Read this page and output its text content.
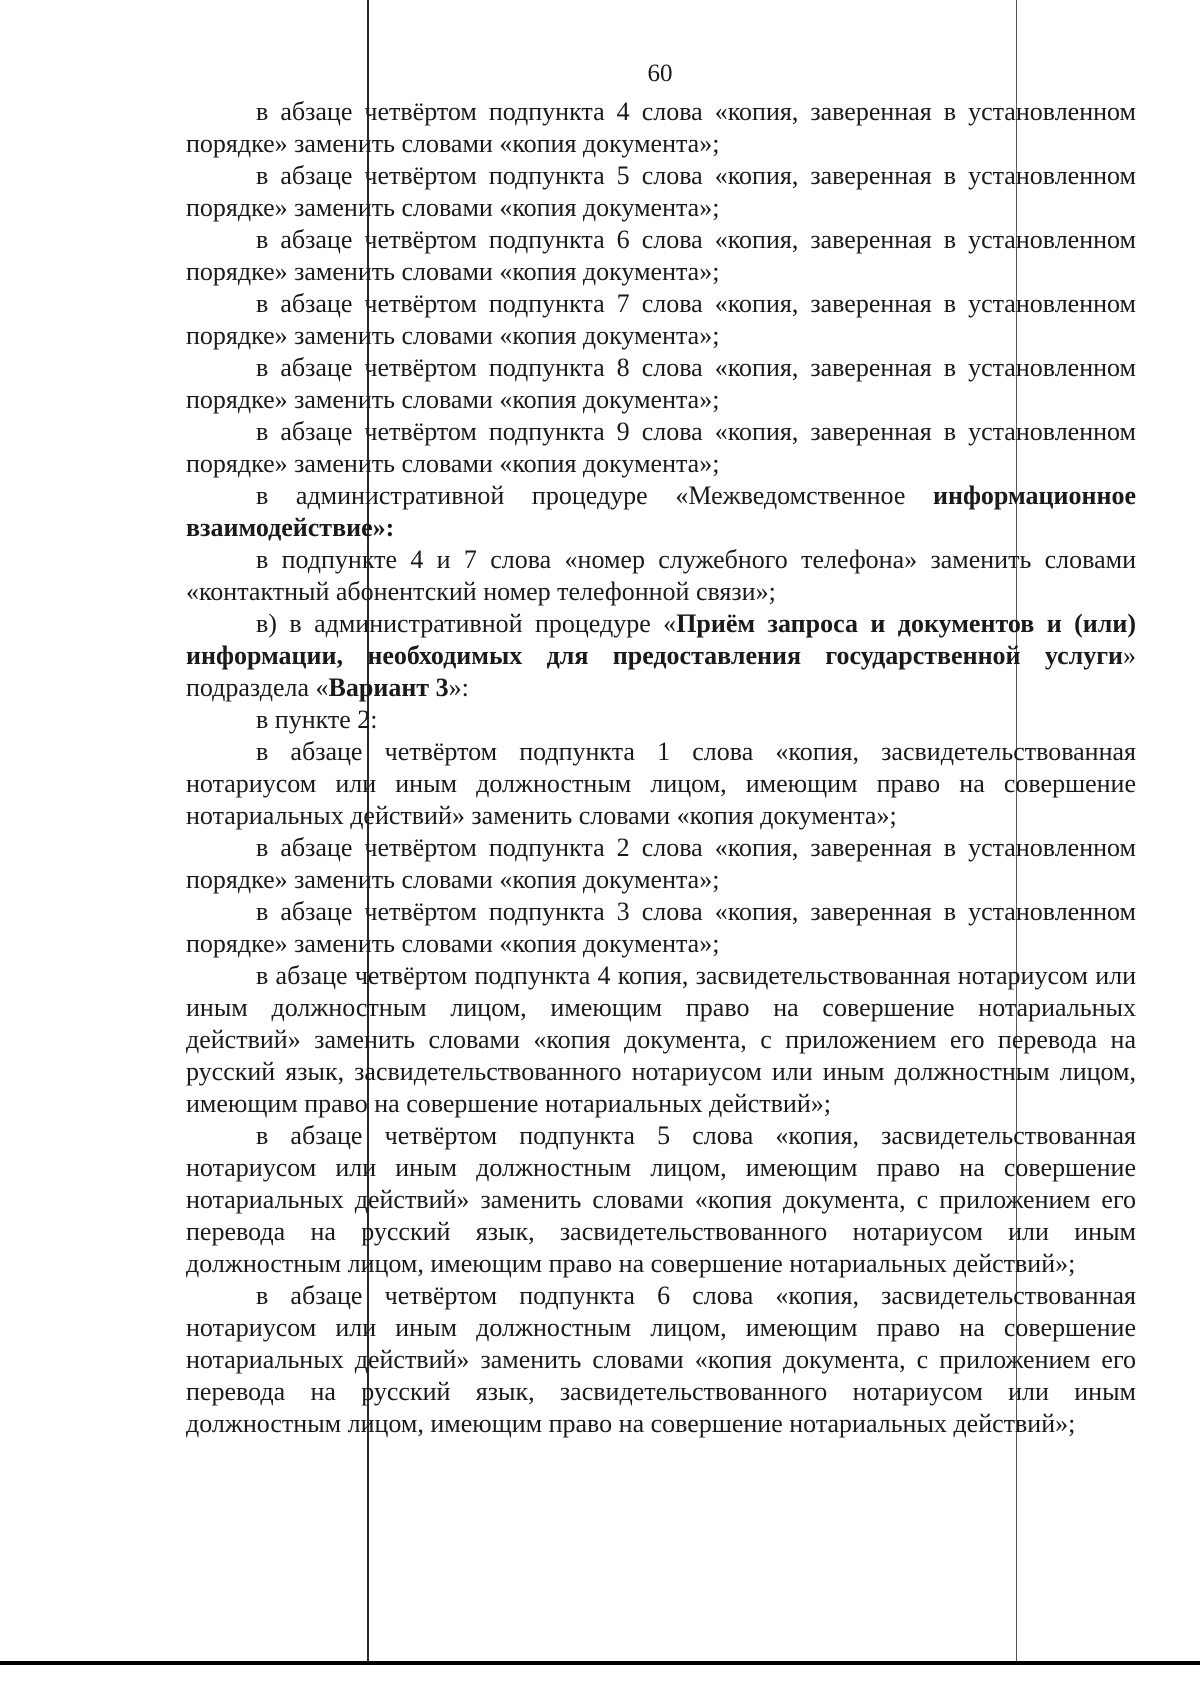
60

в абзаце четвёртом подпункта 4 слова «копия, заверенная в установленном порядке» заменить словами «копия документа»;

в абзаце четвёртом подпункта 5 слова «копия, заверенная в установленном порядке» заменить словами «копия документа»;

в абзаце четвёртом подпункта 6 слова «копия, заверенная в установленном порядке» заменить словами «копия документа»;

в абзаце четвёртом подпункта 7 слова «копия, заверенная в установленном порядке» заменить словами «копия документа»;

в абзаце четвёртом подпункта 8 слова «копия, заверенная в установленном порядке» заменить словами «копия документа»;

в абзаце четвёртом подпункта 9 слова «копия, заверенная в установленном порядке» заменить словами «копия документа»;

в административной процедуре «Межведомственное информационное взаимодействие»:

в подпункте 4 и 7 слова «номер служебного телефона» заменить словами «контактный абонентский номер телефонной связи»;

в) в административной процедуре «Приём запроса и документов и (или) информации, необходимых для предоставления государственной услуги» подраздела «Вариант 3»:

в пункте 2:

в абзаце четвёртом подпункта 1 слова «копия, засвидетельствованная нотариусом или иным должностным лицом, имеющим право на совершение нотариальных действий» заменить словами «копия документа»;

в абзаце четвёртом подпункта 2 слова «копия, заверенная в установленном порядке» заменить словами «копия документа»;

в абзаце четвёртом подпункта 3 слова «копия, заверенная в установленном порядке» заменить словами «копия документа»;

в абзаце четвёртом подпункта 4 копия, засвидетельствованная нотариусом или иным должностным лицом, имеющим право на совершение нотариальных действий» заменить словами «копия документа, с приложением его перевода на русский язык, засвидетельствованного нотариусом или иным должностным лицом, имеющим право на совершение нотариальных действий»;

в абзаце четвёртом подпункта 5 слова «копия, засвидетельствованная нотариусом или иным должностным лицом, имеющим право на совершение нотариальных действий» заменить словами «копия документа, с приложением его перевода на русский язык, засвидетельствованного нотариусом или иным должностным лицом, имеющим право на совершение нотариальных действий»;

в абзаце четвёртом подпункта 6 слова «копия, засвидетельствованная нотариусом или иным должностным лицом, имеющим право на совершение нотариальных действий» заменить словами «копия документа, с приложением его перевода на русский язык, засвидетельствованного нотариусом или иным должностным лицом, имеющим право на совершение нотариальных действий»;
